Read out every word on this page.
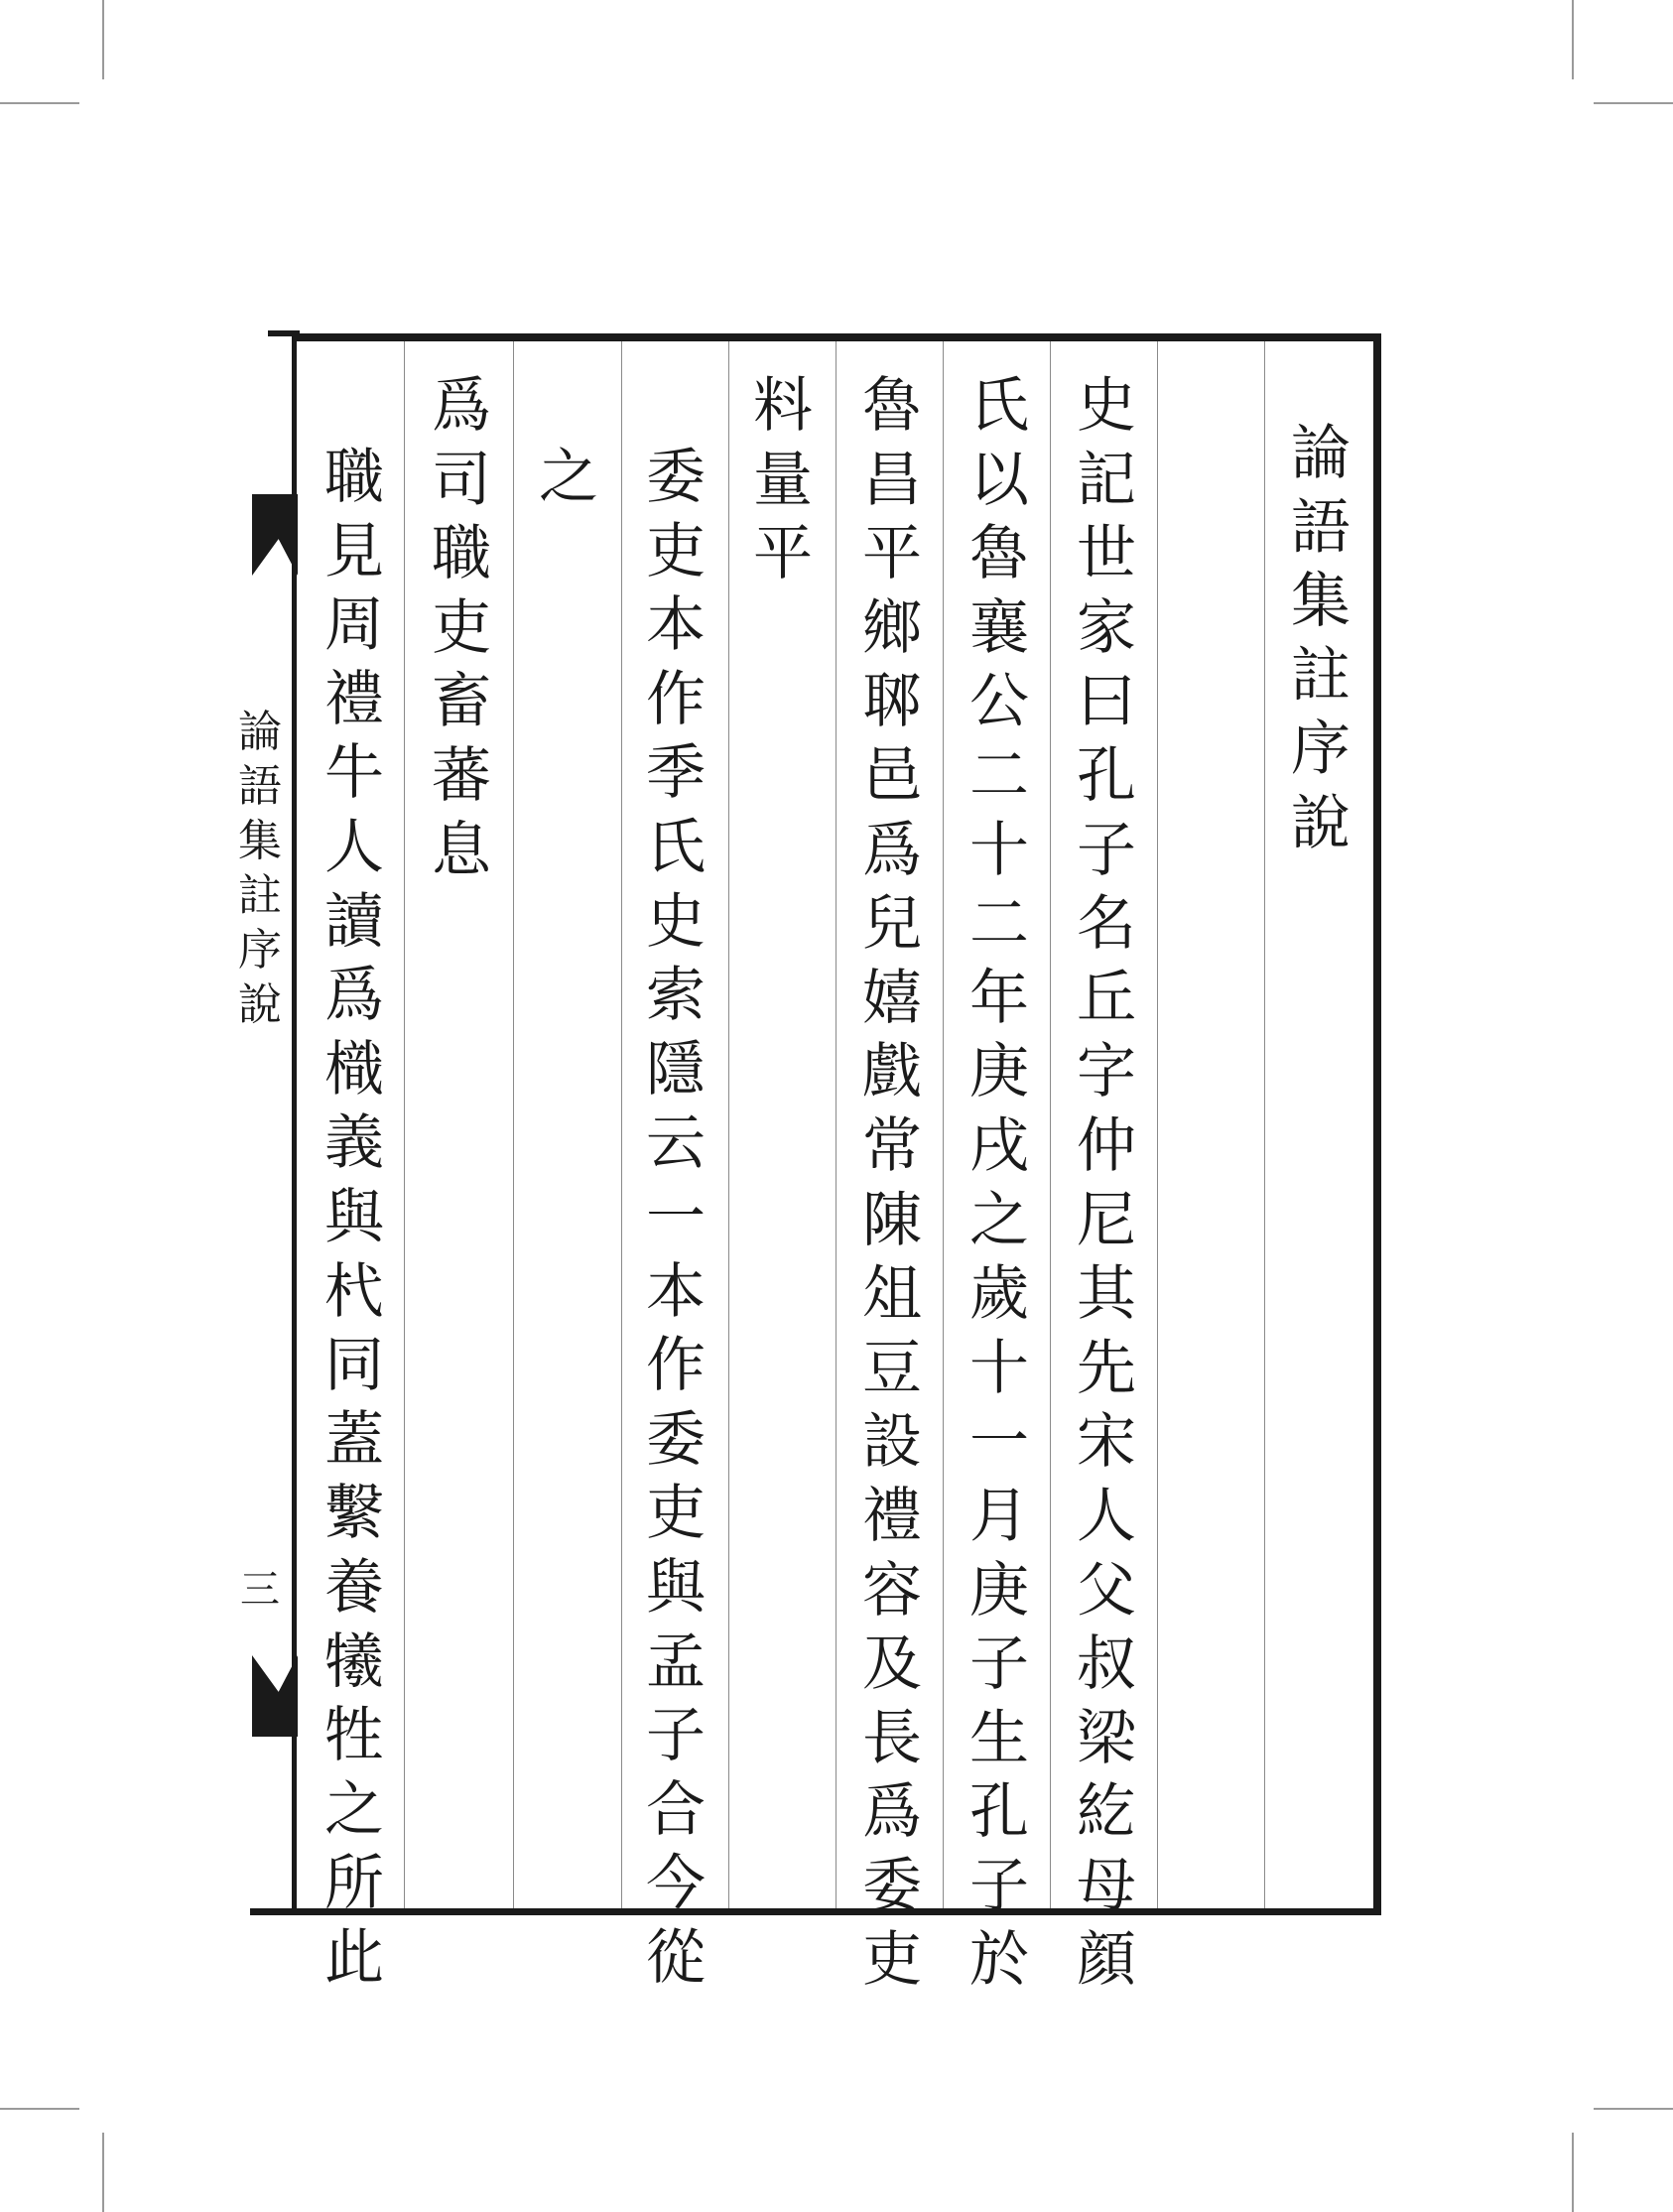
論
語
集
註
序
說
三
論
語
集
註
序
說
史
記
世
家
曰
孔
子
名
丘
字
仲
尼
其
先
宋
人
父
叔
梁
紇
母
顔
氏
以
魯
襄
公
二
十
二
年
庚
戌
之
歲
十
一
月
庚
子
生
孔
子
於
魯
昌
平
鄉
郰
邑
爲
兒
嬉
戲
常
陳
俎
豆
設
禮
容
及
長
爲
委
吏
料
量
平
委
吏
本
作
季
氏
史
索
隱
云
一
本
作
委
吏
與
孟
子
合
今
從
之
爲
司
職
吏
畜
蕃
息
職
見
周
禮
牛
人
讀
爲
樴
義
與
杙
同
蓋
繫
養
犧
牲
之
所
此
